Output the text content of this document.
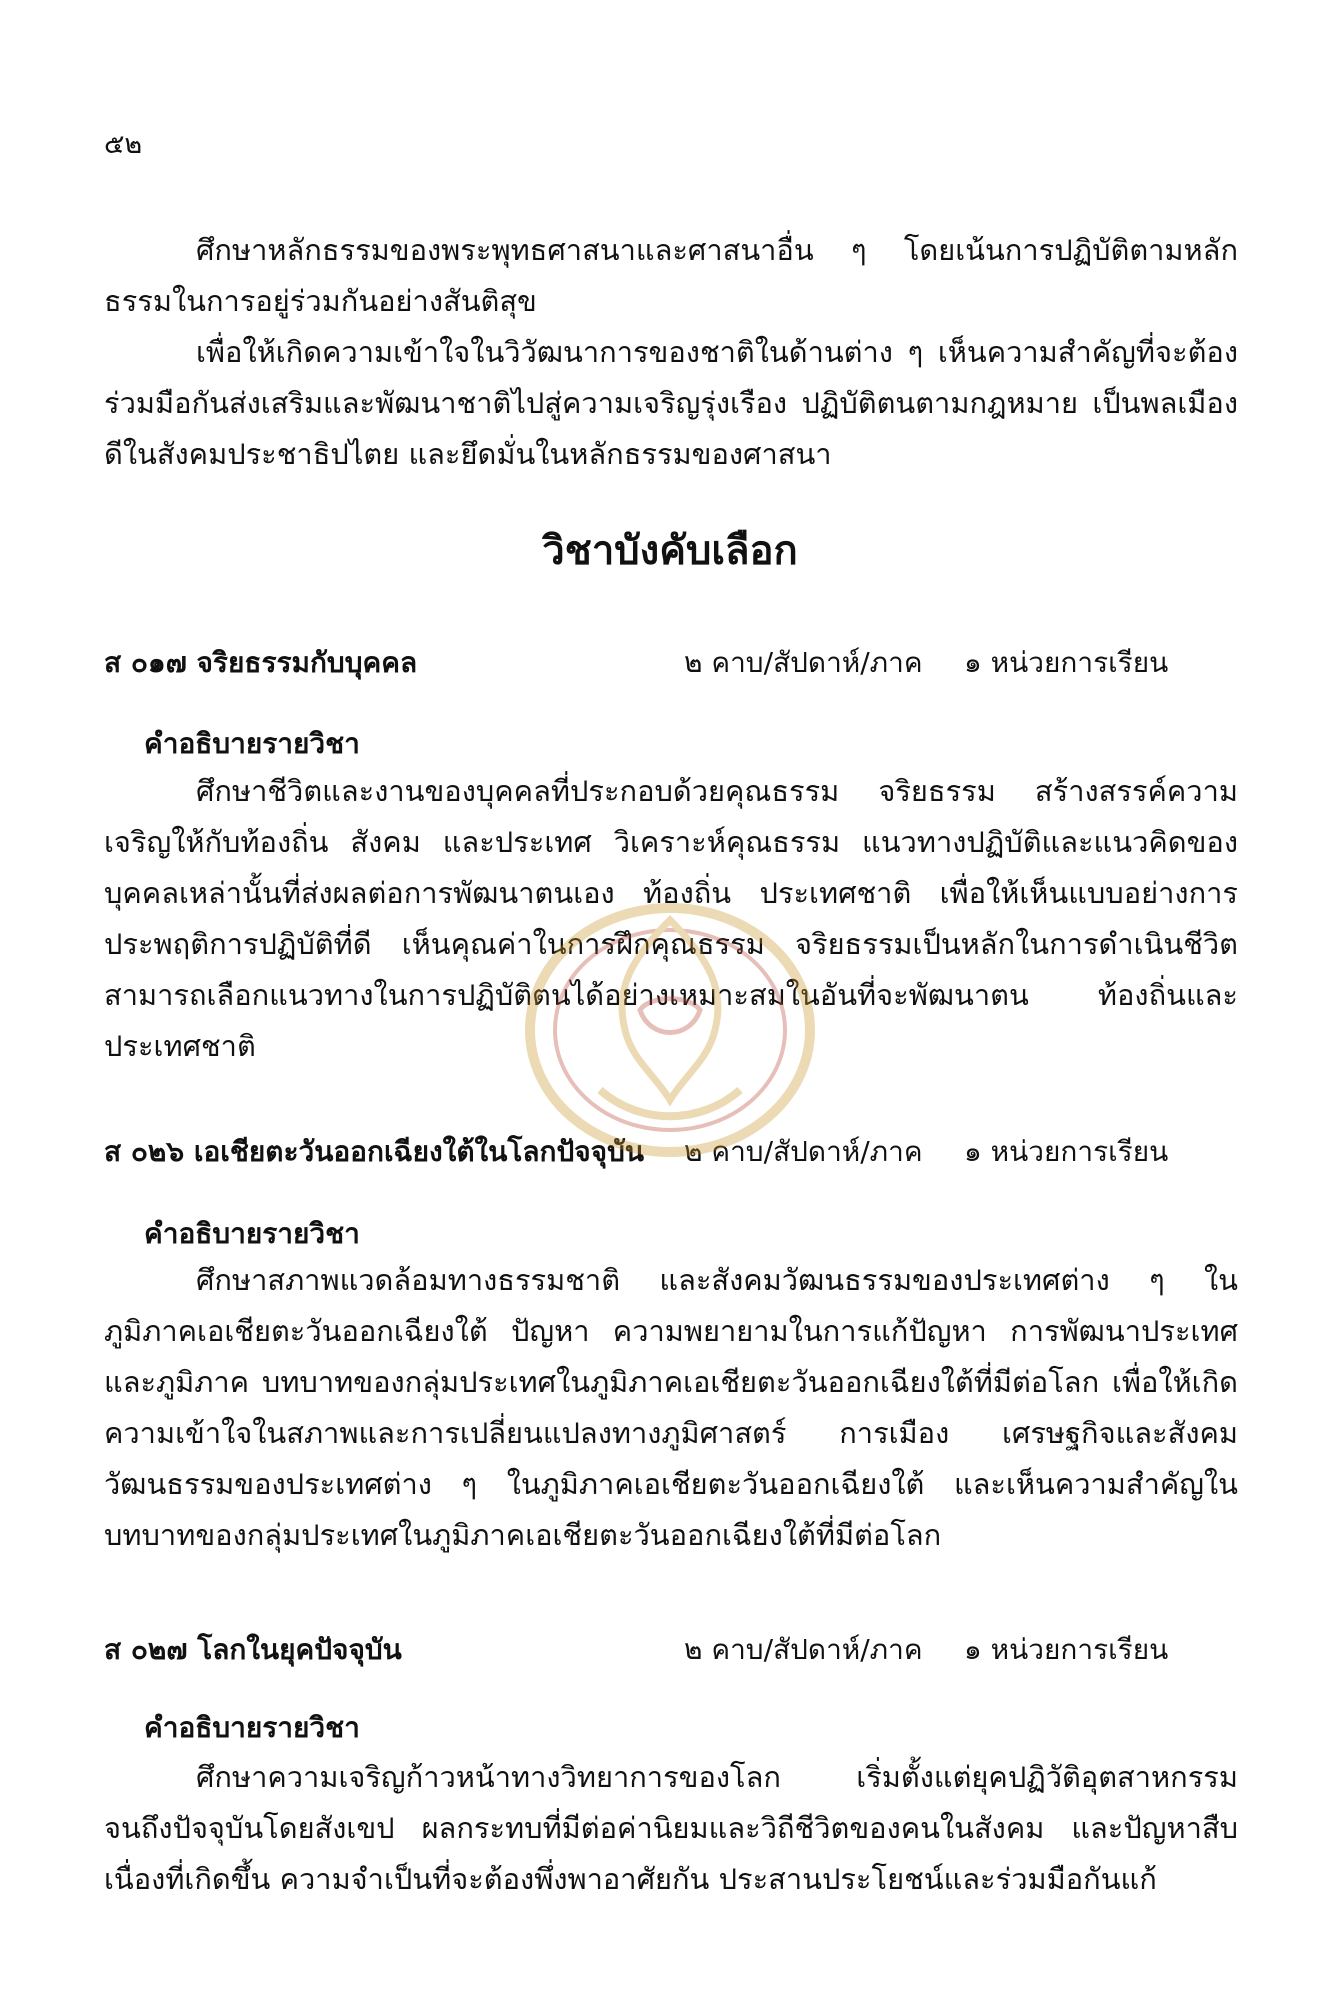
๕๒

ศึกษาหลักธรรมของพระพุทธศาสนาและศาสนาอื่น ๆ โดยเน้นการปฏิบัติตามหลักธรรมในการอยู่ร่วมกันอย่างสันติสุข

เพื่อให้เกิดความเข้าใจในวิวัฒนาการของชาติในด้านต่าง ๆ เห็นความสำคัญที่จะต้องร่วมมือกันส่งเสริมและพัฒนาชาติไปสู่ความเจริญรุ่งเรือง ปฏิบัติตนตามกฎหมาย เป็นพลเมืองดีในสังคมประชาธิปไตย และยึดมั่นในหลักธรรมของศาสนา

วิชาบังคับเลือก
ส ๐๑๗ จริยธรรมกับบุคคล	๒ คาบ/สัปดาห์/ภาค ๑ หน่วยการเรียน

คำอธิบายรายวิชา

ศึกษาชีวิตและงานของบุคคลที่ประกอบด้วยคุณธรรม จริยธรรม สร้างสรรค์ความเจริญให้กับท้องถิ่น สังคม และประเทศ วิเคราะห์คุณธรรม แนวทางปฏิบัติและแนวคิดของบุคคลเหล่านั้นที่ส่งผลต่อการพัฒนาตนเอง ท้องถิ่น ประเทศชาติ เพื่อให้เห็นแบบอย่างการประพฤติการปฏิบัติที่ดี เห็นคุณค่าในการฝึกคุณธรรม จริยธรรมเป็นหลักในการดำเนินชีวิต สามารถเลือกแนวทางในการปฏิบัติตนได้อย่างเหมาะสมในอันที่จะพัฒนาตน ท้องถิ่นและประเทศชาติ

ส ๐๒๖ เอเชียตะวันออกเฉียงใต้ในโลกปัจจุบัน ๒ คาบ/สัปดาห์/ภาค ๑ หน่วยการเรียน

คำอธิบายรายวิชา

ศึกษาสภาพแวดล้อมทางธรรมชาติ และสังคมวัฒนธรรมของประเทศต่าง ๆ ในภูมิภาคเอเชียตะวันออกเฉียงใต้ ปัญหา ความพยายามในการแก้ปัญหา การพัฒนาประเทศและภูมิภาค บทบาทของกลุ่มประเทศในภูมิภาคเอเชียตะวันออกเฉียงใต้ที่มีต่อโลก เพื่อให้เกิดความเข้าใจในสภาพและการเปลี่ยนแปลงทางภูมิศาสตร์ การเมือง เศรษฐกิจและสังคมวัฒนธรรมของประเทศต่าง ๆ ในภูมิภาคเอเชียตะวันออกเฉียงใต้ และเห็นความสำคัญในบทบาทของกลุ่มประเทศในภูมิภาคเอเชียตะวันออกเฉียงใต้ที่มีต่อโลก

ส ๐๒๗ โลกในยุคปัจจุบัน	๒ คาบ/สัปดาห์/ภาค ๑ หน่วยการเรียน

คำอธิบายรายวิชา

ศึกษาความเจริญก้าวหน้าทางวิทยาการของโลก เริ่มตั้งแต่ยุคปฏิวัติอุตสาหกรรมจนถึงปัจจุบันโดยสังเขป ผลกระทบที่มีต่อค่านิยมและวิถีชีวิตของคนในสังคม และปัญหาสืบเนื่องที่เกิดขึ้น ความจำเป็นที่จะต้องพึ่งพาอาศัยกัน ประสานประโยชน์และร่วมมือกันแก้
